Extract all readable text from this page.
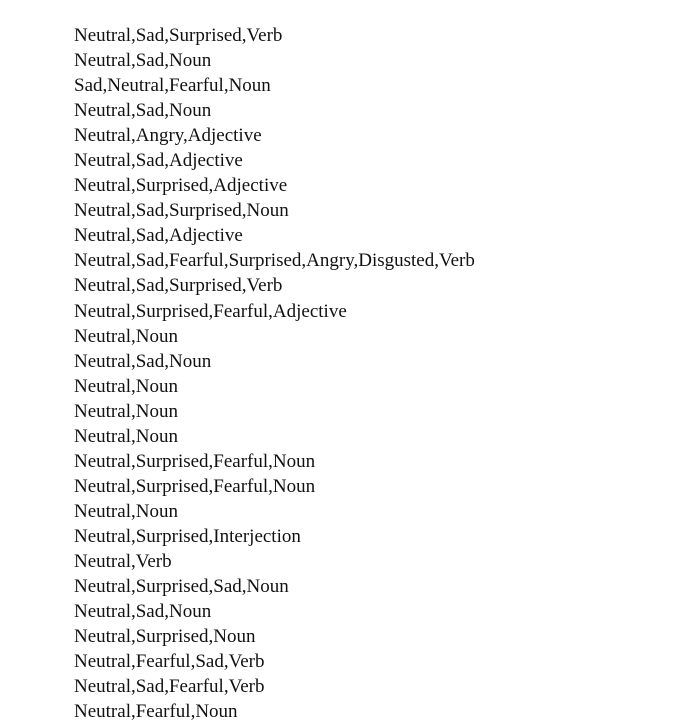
Neutral,Sad,Surprised,Verb
Neutral,Sad,Noun
Sad,Neutral,Fearful,Noun
Neutral,Sad,Noun
Neutral,Angry,Adjective
Neutral,Sad,Adjective
Neutral,Surprised,Adjective
Neutral,Sad,Surprised,Noun
Neutral,Sad,Adjective
Neutral,Sad,Fearful,Surprised,Angry,Disgusted,Verb
Neutral,Sad,Surprised,Verb
Neutral,Surprised,Fearful,Adjective
Neutral,Noun
Neutral,Sad,Noun
Neutral,Noun
Neutral,Noun
Neutral,Noun
Neutral,Surprised,Fearful,Noun
Neutral,Surprised,Fearful,Noun
Neutral,Noun
Neutral,Surprised,Interjection
Neutral,Verb
Neutral,Surprised,Sad,Noun
Neutral,Sad,Noun
Neutral,Surprised,Noun
Neutral,Fearful,Sad,Verb
Neutral,Sad,Fearful,Verb
Neutral,Fearful,Noun
